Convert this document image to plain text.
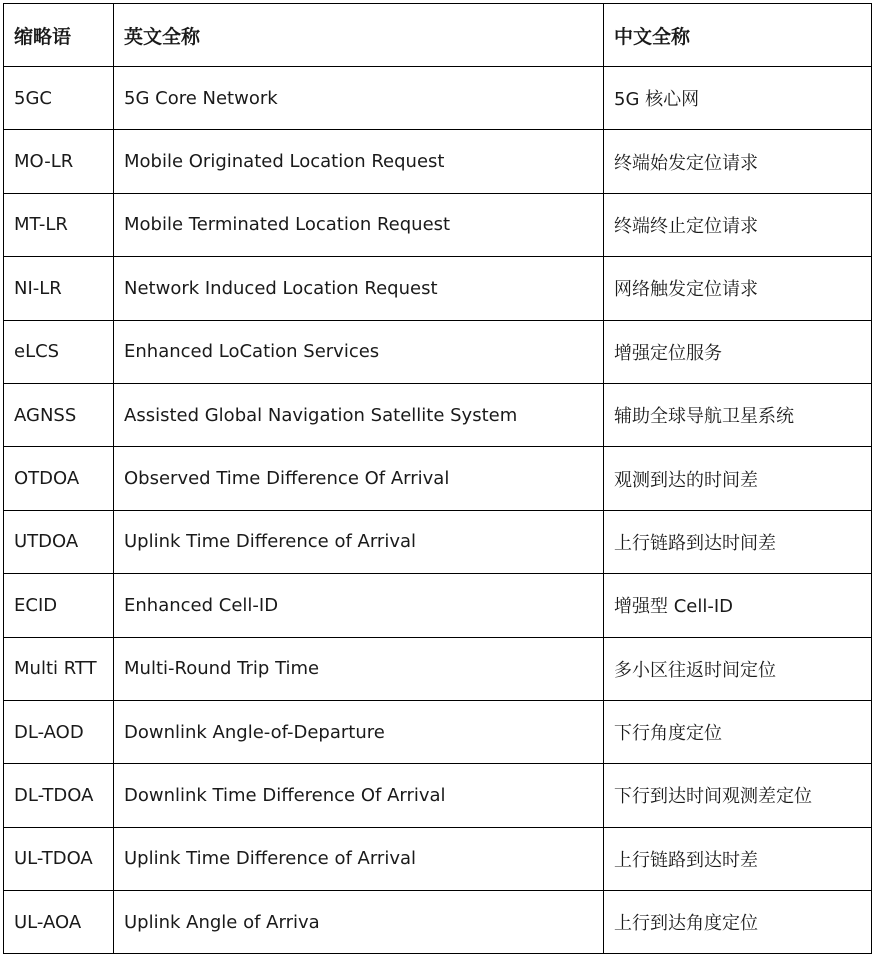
缩略语	英文全称	中文全称
5GC	5G Core Network	5G 核心网
MO-LR	Mobile Originated Location Request	终端始发定位请求
MT-LR	Mobile Terminated Location Request	终端终止定位请求
NI-LR	Network Induced Location Request	网络触发定位请求
eLCS	Enhanced LoCation Services	增强定位服务
AGNSS	Assisted Global Navigation Satellite System	辅助全球导航卫星系统
OTDOA	Observed Time Difference Of Arrival	观测到达的时间差
UTDOA	Uplink Time Difference of Arrival	上行链路到达时间差
ECID	Enhanced Cell-ID	增强型 Cell-ID
Multi RTT	Multi-Round Trip Time	多小区往返时间定位
DL-AOD	Downlink Angle-of-Departure	下行角度定位
DL-TDOA	Downlink Time Difference Of Arrival	下行到达时间观测差定位
UL-TDOA	Uplink Time Difference of Arrival	上行链路到达时差
UL-AOA	Uplink Angle of Arriva	上行到达角度定位
